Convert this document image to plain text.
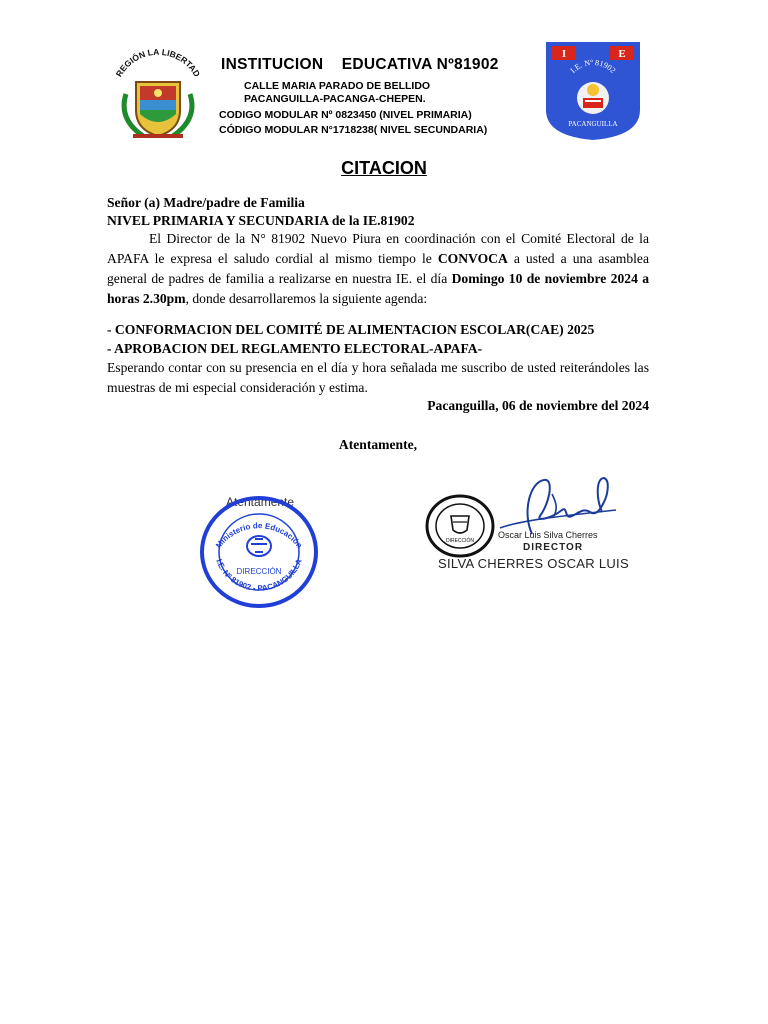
REGIÓN LA LIBERTAD
INSTITUCION    EDUCATIVA Nº81902
CALLE MARIA PARADO DE BELLIDO
PACANGUILLA-PACANGA-CHEPEN.
CODIGO MODULAR Nº 0823450 (NIVEL PRIMARIA)
CÓDIGO MODULAR N°1718238( NIVEL SECUNDARIA)
I	E
I.E. Nº 81902
PACANGUILLA
CITACION
Señor (a) Madre/padre de Familia
NIVEL PRIMARIA Y SECUNDARIA de la IE.81902
El Director de la N° 81902 Nuevo Piura en coordinación con el Comité Electoral de la APAFA le expresa el saludo cordial al mismo tiempo le CONVOCA a usted a una asamblea general de padres de familia a realizarse en nuestra IE. el día Domingo 10 de noviembre 2024 a horas 2.30pm, donde desarrollaremos la siguiente agenda:
- CONFORMACION DEL COMITÉ DE ALIMENTACION ESCOLAR(CAE) 2025
- APROBACION DEL REGLAMENTO ELECTORAL-APAFA-
Esperando contar con su presencia en el día y hora señalada me suscribo de usted reiterándoles las muestras de mi especial consideración y estima.
Pacanguilla, 06 de noviembre del 2024
Atentamente,
Atentamente
Ministerio de Educación
I.E. Nº 81902 - PACANGUILLA
DIRECCIÓN
DIRECCIÓN
Oscar Luis Silva Cherres
DIRECTOR
SILVA CHERRES OSCAR LUIS
